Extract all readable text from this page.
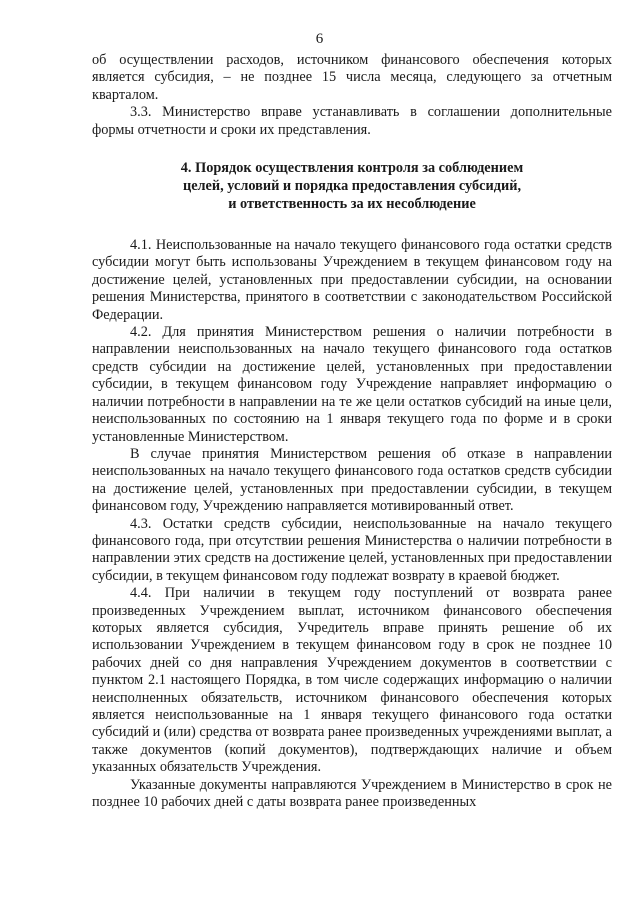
6

об осуществлении расходов, источником финансового обеспечения которых является субсидия, – не позднее 15 числа месяца, следующего за отчетным кварталом.

3.3. Министерство вправе устанавливать в соглашении дополнительные формы отчетности и сроки их представления.

4. Порядок осуществления контроля за соблюдением
целей, условий и порядка предоставления субсидий,
и ответственность за их несоблюдение

4.1. Неиспользованные на начало текущего финансового года остатки средств субсидии могут быть использованы Учреждением в текущем финансовом году на достижение целей, установленных при предоставлении субсидии, на основании решения Министерства, принятого в соответствии с законодательством Российской Федерации.

4.2. Для принятия Министерством решения о наличии потребности в направлении неиспользованных на начало текущего финансового года остатков средств субсидии на достижение целей, установленных при предоставлении субсидии, в текущем финансовом году Учреждение направляет информацию о наличии потребности в направлении на те же цели остатков субсидий на иные цели, неиспользованных по состоянию на 1 января текущего года по форме и в сроки установленные Министерством.

В случае принятия Министерством решения об отказе в направлении неиспользованных на начало текущего финансового года остатков средств субсидии на достижение целей, установленных при предоставлении субсидии, в текущем финансовом году, Учреждению направляется мотивированный ответ.

4.3. Остатки средств субсидии, неиспользованные на начало текущего финансового года, при отсутствии решения Министерства о наличии потребности в направлении этих средств на достижение целей, установленных при предоставлении субсидии, в текущем финансовом году подлежат возврату в краевой бюджет.

4.4. При наличии в текущем году поступлений от возврата ранее произведенных Учреждением выплат, источником финансового обеспечения которых является субсидия, Учредитель вправе принять решение об их использовании Учреждением в текущем финансовом году в срок не позднее 10 рабочих дней со дня направления Учреждением документов в соответствии с пунктом 2.1 настоящего Порядка, в том числе содержащих информацию о наличии неисполненных обязательств, источником финансового обеспечения которых является неиспользованные на 1 января текущего финансового года остатки субсидий и (или) средства от возврата ранее произведенных учреждениями выплат, а также документов (копий документов), подтверждающих наличие и объем указанных обязательств Учреждения.

Указанные документы направляются Учреждением в Министерство в срок не позднее 10 рабочих дней с даты возврата ранее произведенных
